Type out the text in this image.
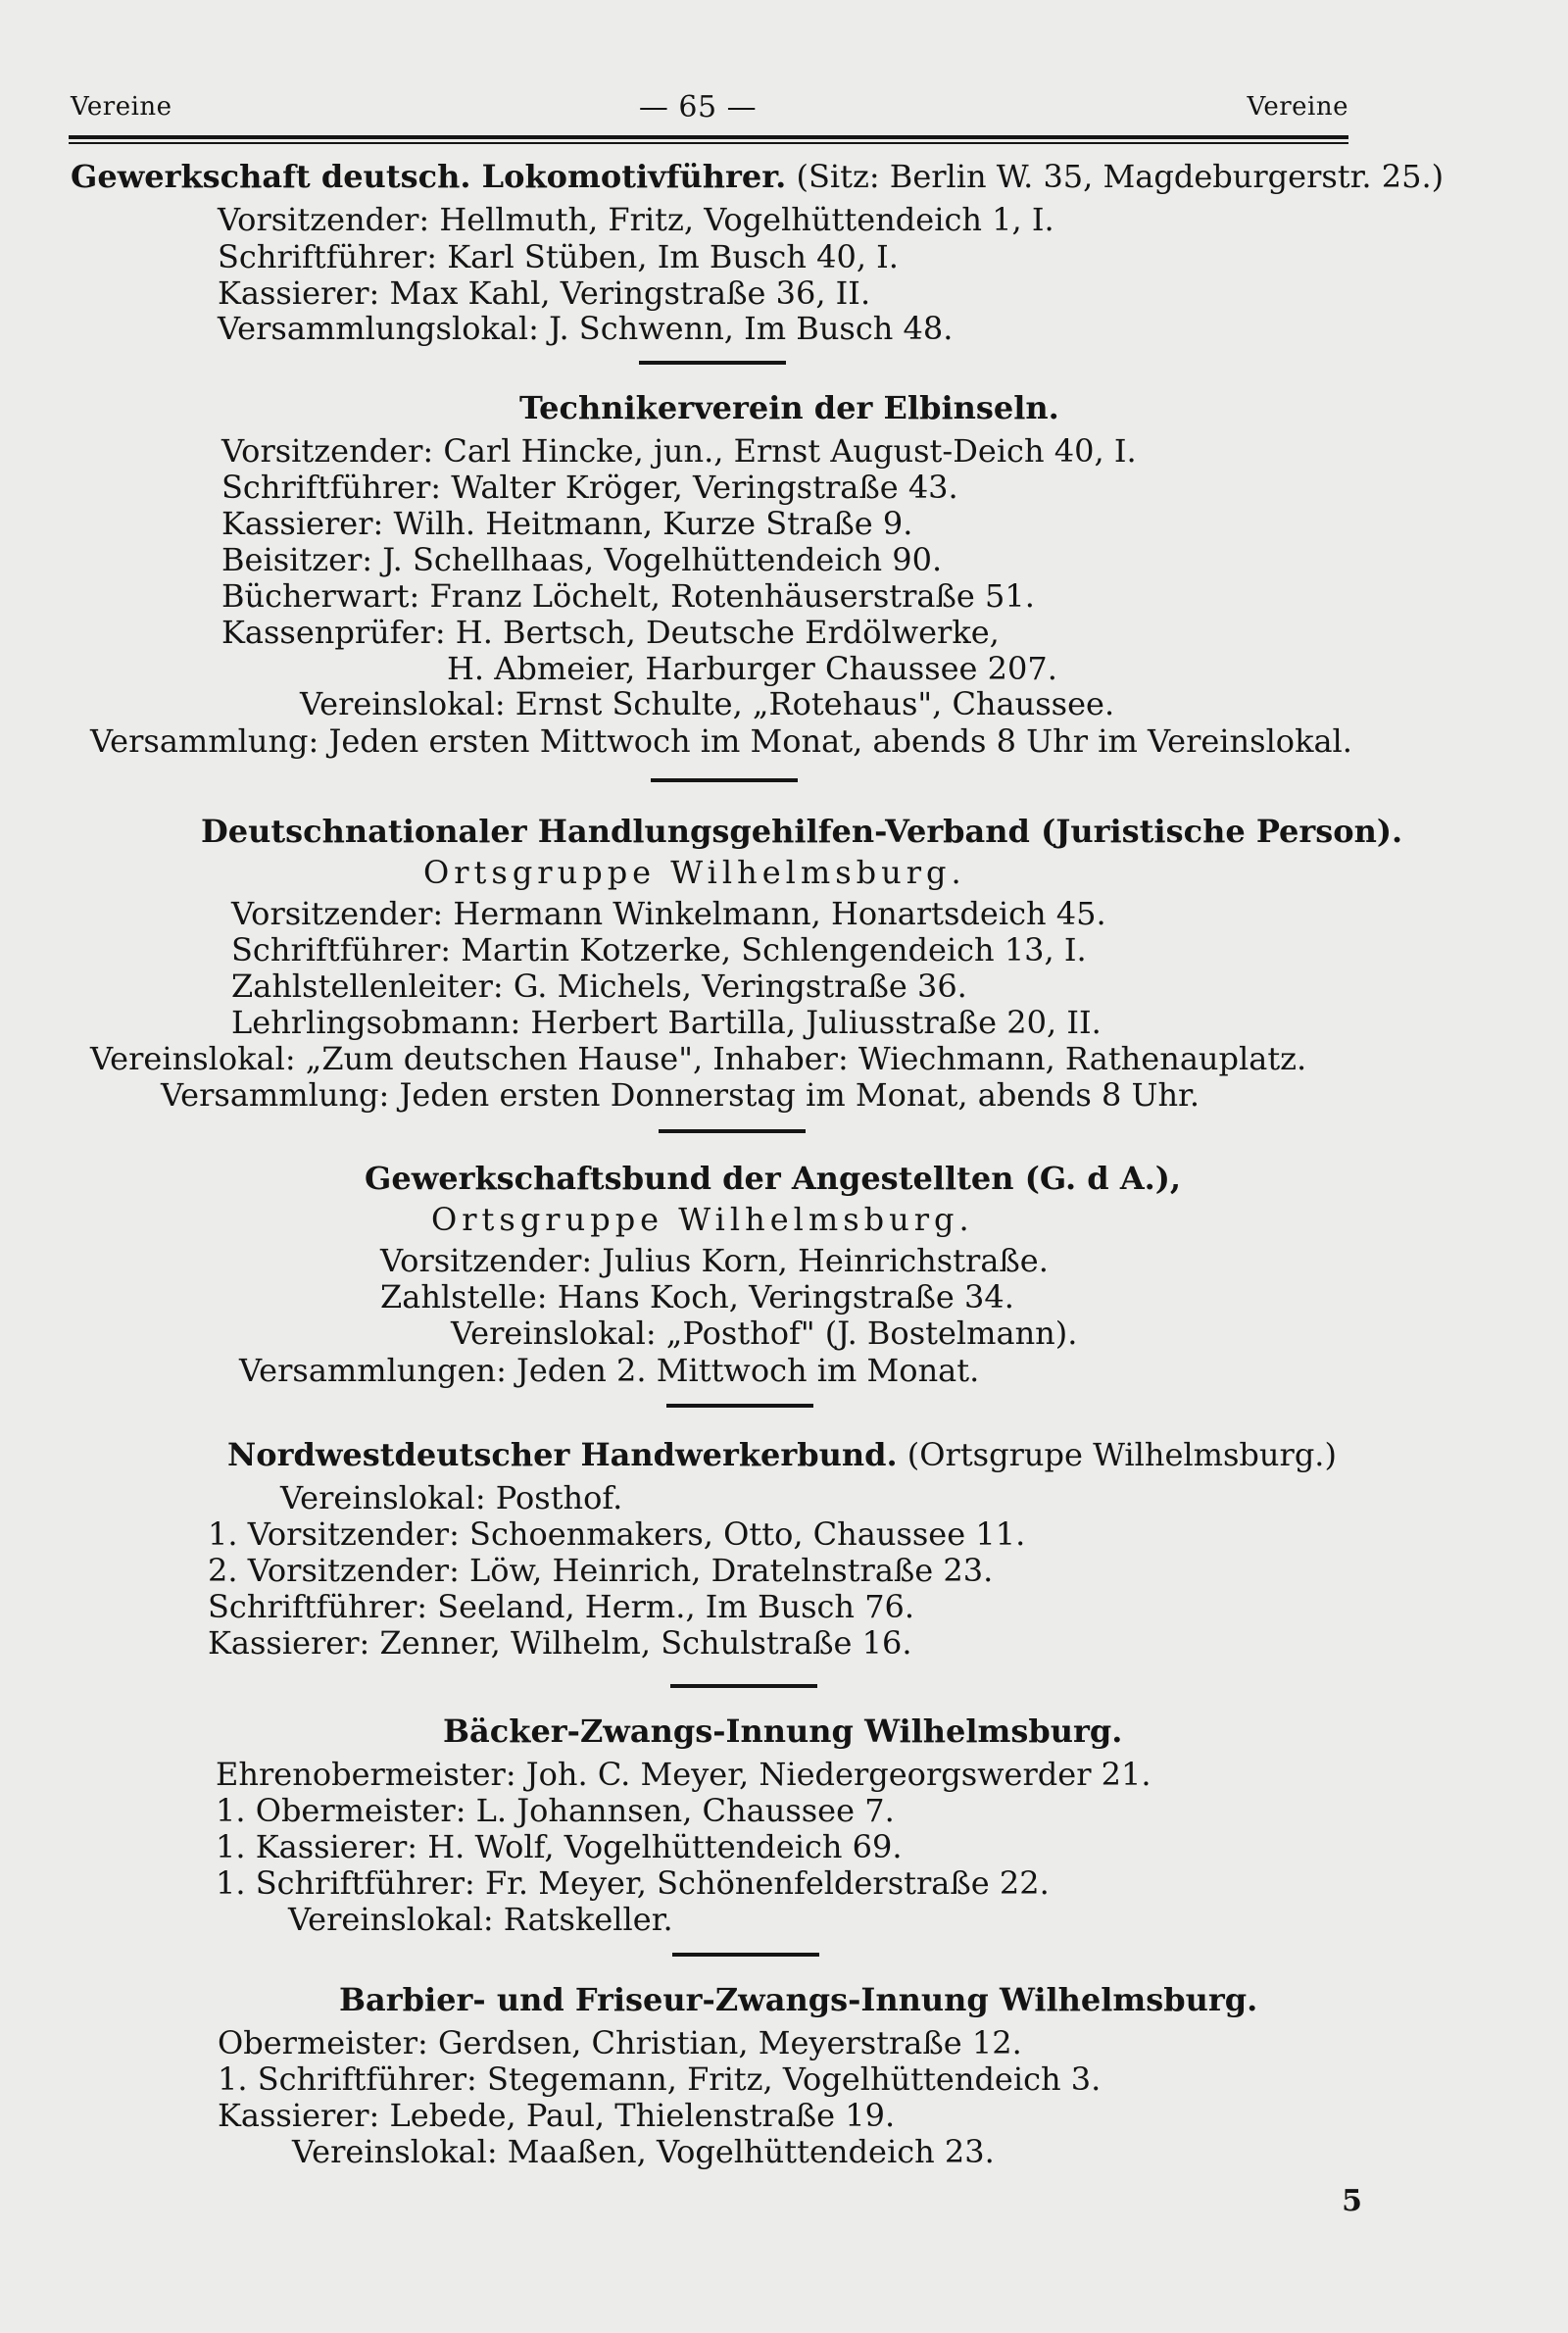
Vereine	— 65 —	Vereine
Gewerkschaft deutsch. Lokomotivführer. (Sitz: Berlin W. 35, Magdeburgerstr. 25.)
Vorsitzender: Hellmuth, Fritz, Vogelhüttendeich 1, I.
Schriftführer: Karl Stüben, Im Busch 40, I.
Kassierer: Max Kahl, Veringstraße 36, II.
Versammlungslokal: J. Schwenn, Im Busch 48.
Technikerverein der Elbinseln.
Vorsitzender: Carl Hincke, jun., Ernst August-Deich 40, I.
Schriftführer: Walter Kröger, Veringstraße 43.
Kassierer: Wilh. Heitmann, Kurze Straße 9.
Beisitzer: J. Schellhaas, Vogelhüttendeich 90.
Bücherwart: Franz Löchelt, Rotenhäuserstraße 51.
Kassenprüfer: H. Bertsch, Deutsche Erdölwerke,
H. Abmeier, Harburger Chaussee 207.
Vereinslokal: Ernst Schulte, „Rotehaus", Chaussee.
Versammlung: Jeden ersten Mittwoch im Monat, abends 8 Uhr im Vereinslokal.
Deutschnationaler Handlungsgehilfen-Verband (Juristische Person).
Ortsgruppe Wilhelmsburg.
Vorsitzender: Hermann Winkelmann, Honartsdeich 45.
Schriftführer: Martin Kotzerke, Schlengendeich 13, I.
Zahlstellenleiter: G. Michels, Veringstraße 36.
Lehrlingsobmann: Herbert Bartilla, Juliusstraße 20, II.
Vereinslokal: „Zum deutschen Hause", Inhaber: Wiechmann, Rathenauplatz.
Versammlung: Jeden ersten Donnerstag im Monat, abends 8 Uhr.
Gewerkschaftsbund der Angestellten (G. d A.),
Ortsgruppe Wilhelmsburg.
Vorsitzender: Julius Korn, Heinrichstraße.
Zahlstelle: Hans Koch, Veringstraße 34.
Vereinslokal: „Posthof" (J. Bostelmann).
Versammlungen: Jeden 2. Mittwoch im Monat.
Nordwestdeutscher Handwerkerbund. (Ortsgrupe Wilhelmsburg.)
Vereinslokal: Posthof.
1. Vorsitzender: Schoenmakers, Otto, Chaussee 11.
2. Vorsitzender: Löw, Heinrich, Dratelnstraße 23.
Schriftführer: Seeland, Herm., Im Busch 76.
Kassierer: Zenner, Wilhelm, Schulstraße 16.
Bäcker-Zwangs-Innung Wilhelmsburg.
Ehrenobermeister: Joh. C. Meyer, Niedergeorgswerder 21.
1. Obermeister: L. Johannsen, Chaussee 7.
1. Kassierer: H. Wolf, Vogelhüttendeich 69.
1. Schriftführer: Fr. Meyer, Schönenfelderstraße 22.
Vereinslokal: Ratskeller.
Barbier- und Friseur-Zwangs-Innung Wilhelmsburg.
Obermeister: Gerdsen, Christian, Meyerstraße 12.
1. Schriftführer: Stegemann, Fritz, Vogelhüttendeich 3.
Kassierer: Lebede, Paul, Thielenstraße 19.
Vereinslokal: Maaßen, Vogelhüttendeich 23.
5
